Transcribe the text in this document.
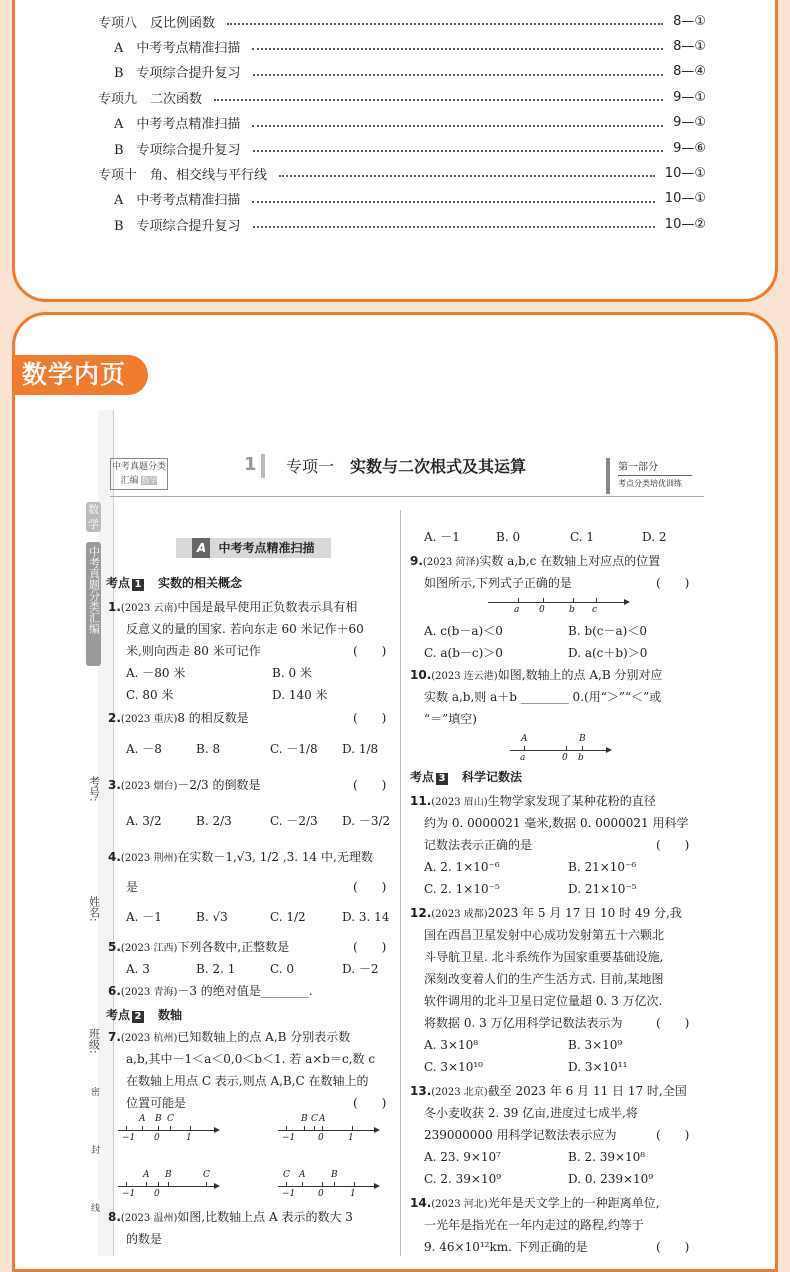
专项八　反比例函数	8—①
A　中考考点精准扫描	8—①
B　专项综合提升复习	8—④
专项九　二次函数	9—①
A　中考考点精准扫描	9—①
B　专项综合提升复习	9—⑥
专项十　角、相交线与平行线	10—①
A　中考考点精准扫描	10—①
B　专项综合提升复习	10—②
数学内页
数学
中考真题分类汇编
考号:
姓名:
班级:
密
封
线
中考真题分类汇编 数学
1 专项一　 实数与二次根式及其运算	第一部分
考点分类培优训练
A 中考考点精准扫描
考点 1　 实数的相关概念
1.(2023 云南)中国是最早使用正负数表示具有相
反意义的量的国家. 若向东走 60 米记作＋60
米,则向西走 80 米可记作	(　　)
A. －80 米	B. 0 米
C. 80 米	D. 140 米
2.(2023 重庆)8 的相反数是	(　　)
A. －8	B. 8	C. －1/8 D. 1/8
3.(2023 烟台)－2/3 的倒数是	(　　)
A. 3/2	B. 2/3	C. －2/3 D. －3/2
4.(2023 荆州)在实数－1,√3, 1/2 ,3. 14 中,无理数
是	(　　)
A. －1	B. √3	C. 1/2	D. 3. 14
5.(2023 江西)下列各数中,正整数是	(　　)
A. 3	B. 2. 1	C. 0	D. －2
6.(2023 青海)－3 的绝对值是________.
考点 2　 数轴
7.(2023 杭州)已知数轴上的点 A,B 分别表示数
a,b,其中－1＜a＜0,0＜b＜1. 若 a×b＝c,数 c
在数轴上用点 C 表示,则点 A,B,C 在数轴上的
位置可能是	(　　)
−1
A
0
B C
1	−1
B C
0
A
1
−1
A
0
B	C
−1
C A
0
B
1
8.(2023 温州)如图,比数轴上点 A 表示的数大 3
的数是
A. －1	B. 0	C. 1	D. 2
9.(2023 菏泽)实数 a,b,c 在数轴上对应点的位置
如图所示,下列式子正确的是	(　　)
a 0	b c
A. c(b－a)＜0	B. b(c－a)＜0
C. a(b－c)＞0	D. a(c＋b)＞0
10.(2023 连云港)如图,数轴上的点 A,B 分别对应
实数 a,b,则 a＋b ________ 0.(用“＞”“＜”或
“＝”填空)
a
A
0 b
B
考点 3　 科学记数法
11.(2023 眉山)生物学家发现了某种花粉的直径
约为 0. 0000021 毫米,数据 0. 0000021 用科学
记数法表示正确的是	(　　)
A. 2. 1×10⁻⁶	B. 21×10⁻⁶
C. 2. 1×10⁻⁵	D. 21×10⁻⁵
12.(2023 成都)2023 年 5 月 17 日 10 时 49 分,我
国在西昌卫星发射中心成功发射第五十六颗北
斗导航卫星. 北斗系统作为国家重要基础设施,
深刻改变着人们的生产生活方式. 目前,某地图
软件调用的北斗卫星日定位量超 0. 3 万亿次.
将数据 0. 3 万亿用科学记数法表示为	(　　)
A. 3×10⁸	B. 3×10⁹
C. 3×10¹⁰	D. 3×10¹¹
13.(2023 北京)截至 2023 年 6 月 11 日 17 时,全国
冬小麦收获 2. 39 亿亩,进度过七成半,将
239000000 用科学记数法表示应为	(　　)
A. 23. 9×10⁷	B. 2. 39×10⁸
C. 2. 39×10⁹	D. 0. 239×10⁹
14.(2023 河北)光年是天文学上的一种距离单位,
一光年是指光在一年内走过的路程,约等于
9. 46×10¹²km. 下列正确的是	(　　)
